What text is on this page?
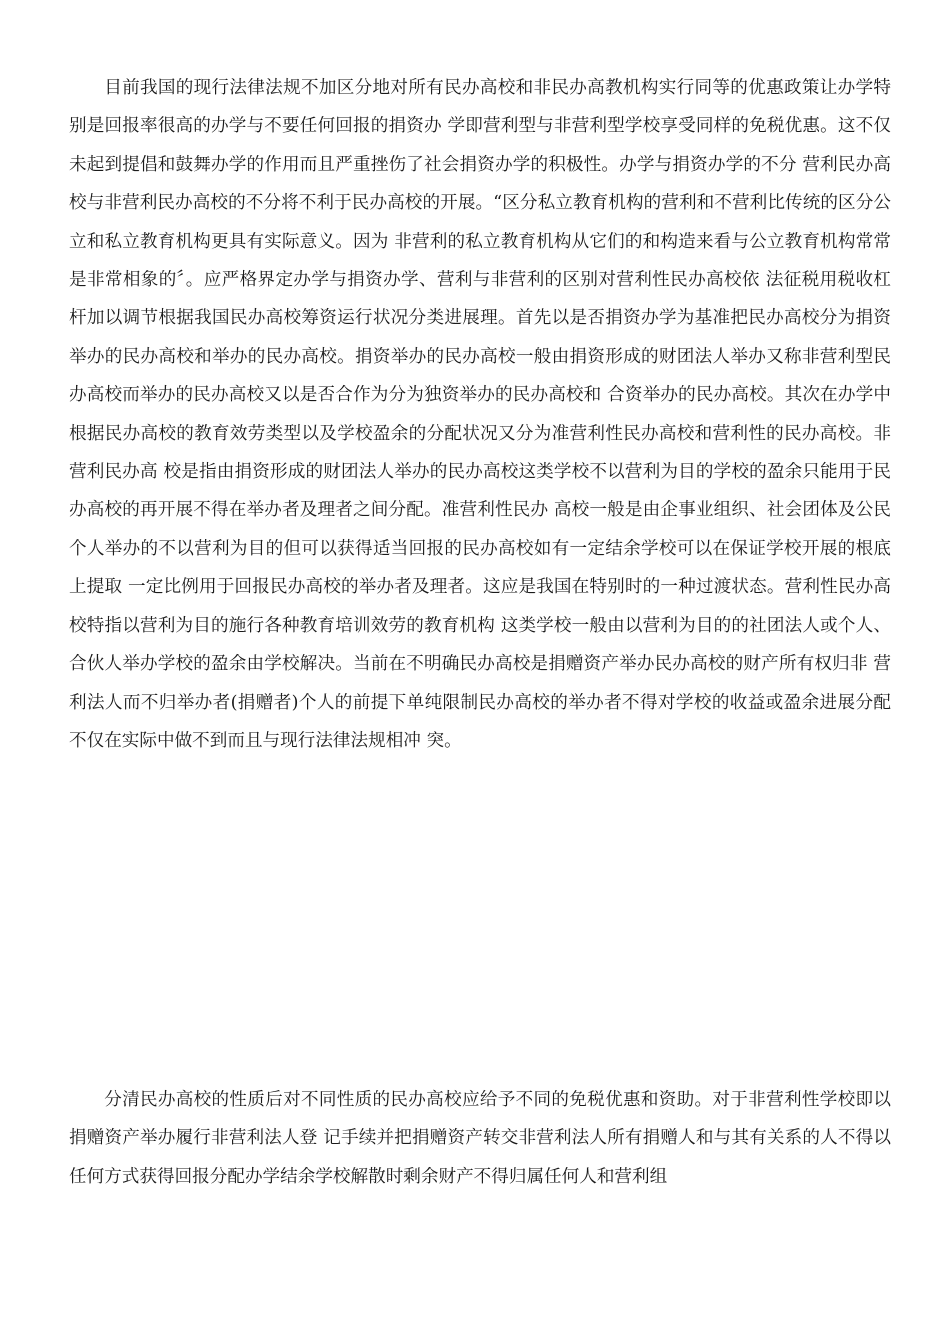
目前我国的现行法律法规不加区分地对所有民办高校和非民办高教机构实行同等的优惠政策让办学特别是回报率很高的办学与不要任何回报的捐资办 学即营利型与非营利型学校享受同样的免税优惠。这不仅未起到提倡和鼓舞办学的作用而且严重挫伤了社会捐资办学的积极性。办学与捐资办学的不分 营利民办高校与非营利民办高校的不分将不利于民办高校的开展。“区分私立教育机构的营利和不营利比传统的区分公立和私立教育机构更具有实际意义。因为 非营利的私立教育机构从它们的和构造来看与公立教育机构常常是非常相象的〞。应严格界定办学与捐资办学、营利与非营利的区别对营利性民办高校依 法征税用税收杠杆加以调节根据我国民办高校筹资运行状况分类进展理。首先以是否捐资办学为基准把民办高校分为捐资举办的民办高校和举办的民办高校。捐资举办的民办高校一般由捐资形成的财团法人举办又称非营利型民办高校而举办的民办高校又以是否合作为分为独资举办的民办高校和 合资举办的民办高校。其次在办学中根据民办高校的教育效劳类型以及学校盈余的分配状况又分为准营利性民办高校和营利性的民办高校。非营利民办高 校是指由捐资形成的财团法人举办的民办高校这类学校不以营利为目的学校的盈余只能用于民办高校的再开展不得在举办者及理者之间分配。准营利性民办 高校一般是由企事业组织、社会团体及公民个人举办的不以营利为目的但可以获得适当回报的民办高校如有一定结余学校可以在保证学校开展的根底上提取 一定比例用于回报民办高校的举办者及理者。这应是我国在特别时的一种过渡状态。营利性民办高校特指以营利为目的施行各种教育培训效劳的教育机构 这类学校一般由以营利为目的的社团法人或个人、合伙人举办学校的盈余由学校解决。当前在不明确民办高校是捐赠资产举办民办高校的财产所有权归非 营利法人而不归举办者(捐赠者)个人的前提下单纯限制民办高校的举办者不得对学校的收益或盈余进展分配不仅在实际中做不到而且与现行法律法规相冲 突。

分清民办高校的性质后对不同性质的民办高校应给予不同的免税优惠和资助。对于非营利性学校即以捐赠资产举办履行非营利法人登 记手续并把捐赠资产转交非营利法人所有捐赠人和与其有关系的人不得以任何方式获得回报分配办学结余学校解散时剩余财产不得归属任何人和营利组
